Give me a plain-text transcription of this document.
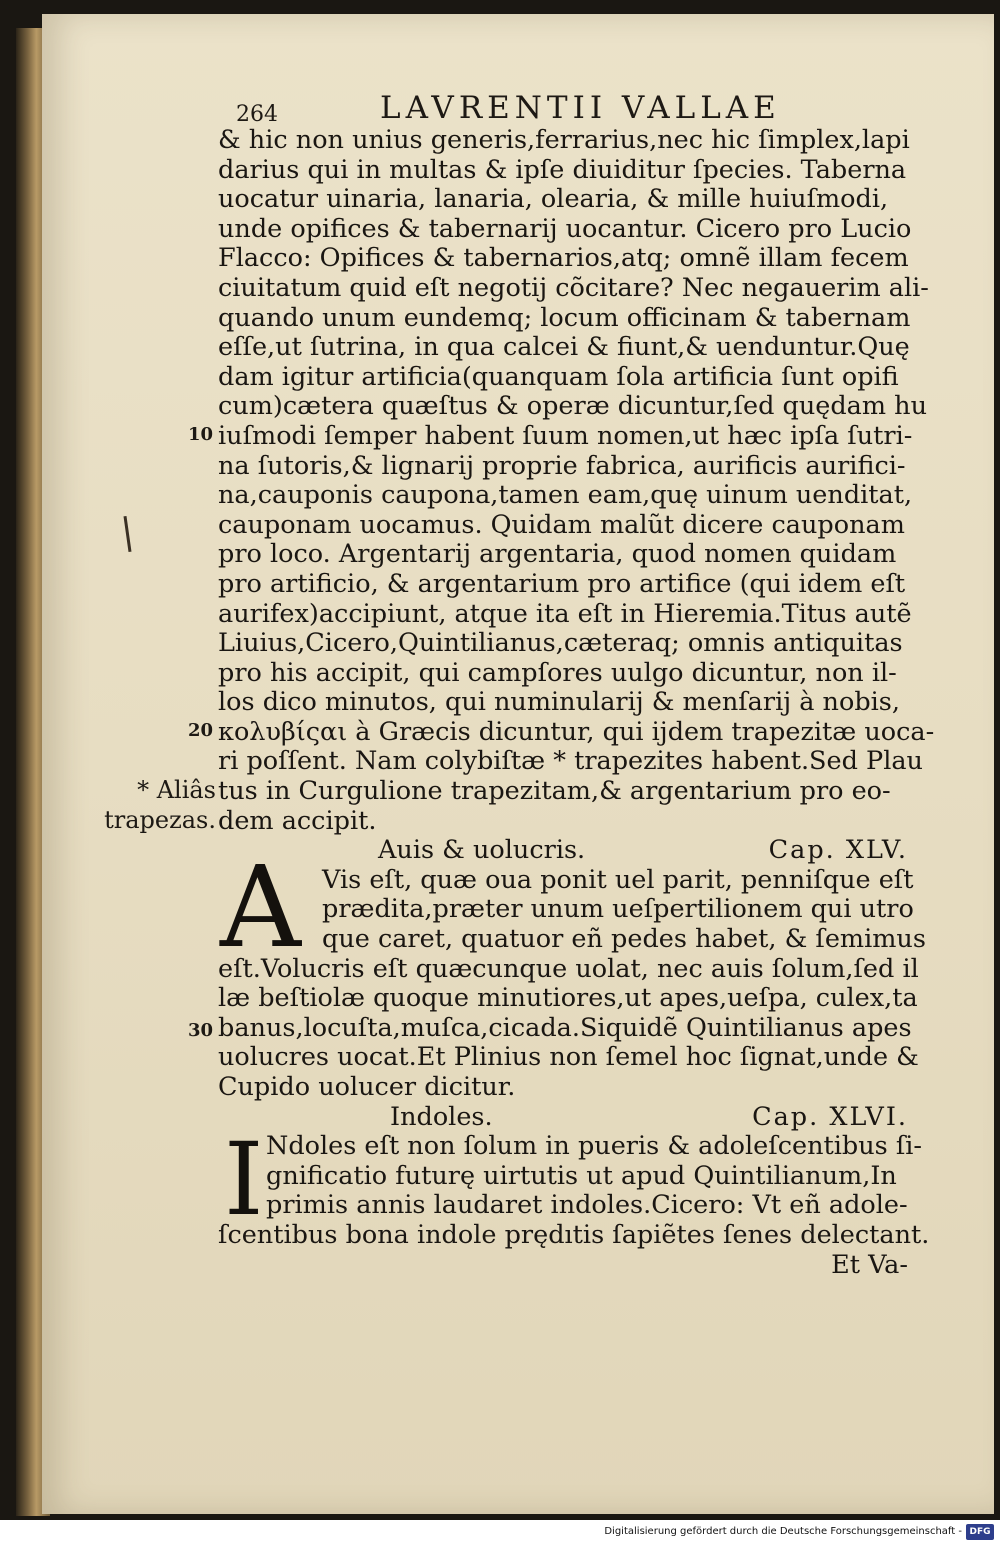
264	LAVRENTII VALLAE
10
20
30
* Aliâs
trapezas.
& hic non unius generis,ferrarius,nec hic ſimplex,lapi
darius qui in multas & ipſe diuiditur ſpecies. Taberna
uocatur uinaria, lanaria, olearia, & mille huiuſmodi,
unde opifices & tabernarij uocantur. Cicero pro Lucio
Flacco: Opifices & tabernarios,atq; omnẽ illam fecem
ciuitatum quid eſt negotij cõcitare? Nec negauerim ali-
quando unum eundemq; locum officinam & tabernam
eſſe,ut ſutrina, in qua calcei & fiunt,& uenduntur.Quę
dam igitur artificia(quanquam ſola artificia ſunt opifi
cum)cætera quæſtus & operæ dicuntur,ſed quędam hu
iuſmodi ſemper habent ſuum nomen,ut hæc ipſa ſutri-
na ſutoris,& lignarij proprie fabrica, aurificis aurifici-
na,cauponis caupona,tamen eam,quę uinum uenditat,
cauponam uocamus. Quidam malũt dicere cauponam
pro loco. Argentarij argentaria, quod nomen quidam
pro artificio, & argentarium pro artifice (qui idem eſt
aurifex)accipiunt, atque ita eſt in Hieremia.Titus autẽ
Liuius,Cicero,Quintilianus,cæteraq; omnis antiquitas
pro his accipit, qui campſores uulgo dicuntur, non il-
los dico minutos, qui numinularij & menſarij à nobis,
κολυβίςαι à Græcis dicuntur, qui ijdem trapezitæ uoca-
ri poſſent. Nam colybiſtæ * trapezites habent.Sed Plau
tus in Curgulione trapezitam,& argentarium pro eo-
dem accipit.
Auis & uolucris.	Cap. XLV.
A Vis eſt, quæ oua ponit uel parit, penniſque eſt
prædita,præter unum ueſpertilionem qui utro
que caret, quatuor eñ pedes habet, & ſemimus
eſt.Volucris eſt quæcunque uolat, nec auis ſolum,ſed il
læ beſtiolæ quoque minutiores,ut apes,ueſpa, culex,ta
banus,locuſta,muſca,cicada.Siquidẽ Quintilianus apes
uolucres uocat.Et Plinius non ſemel hoc ſignat,unde &
Cupido uolucer dicitur.
Indoles.	Cap. XLVI.
I Ndoles eſt non ſolum in pueris & adoleſcentibus ſi-
gnificatio futurę uirtutis ut apud Quintilianum,In
primis annis laudaret indoles.Cicero: Vt eñ adole-
ſcentibus bona indole prędıtis ſapiẽtes ſenes delectant.
Et Va-
Digitalisierung gefördert durch die Deutsche Forschungsgemeinschaft - DFG
